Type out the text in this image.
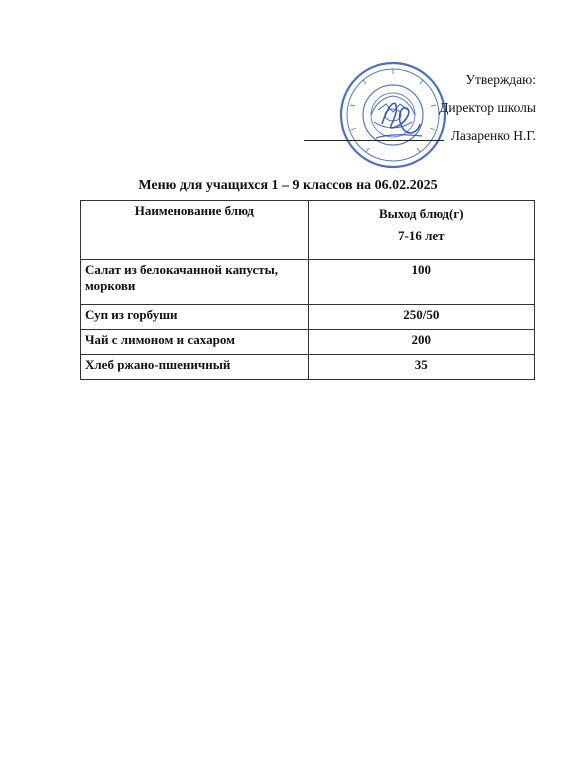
Утверждаю:
Директор школы
Лазаренко Н.Г.
Меню для учащихся 1 – 9 классов на 06.02.2025
Наименование блюд	Выход блюд(г)
7-16 лет

Салат из белокачанной капусты, моркови	100
Суп из горбуши	250/50
Чай с лимоном и сахаром	200
Хлеб ржано-пшеничный	35
